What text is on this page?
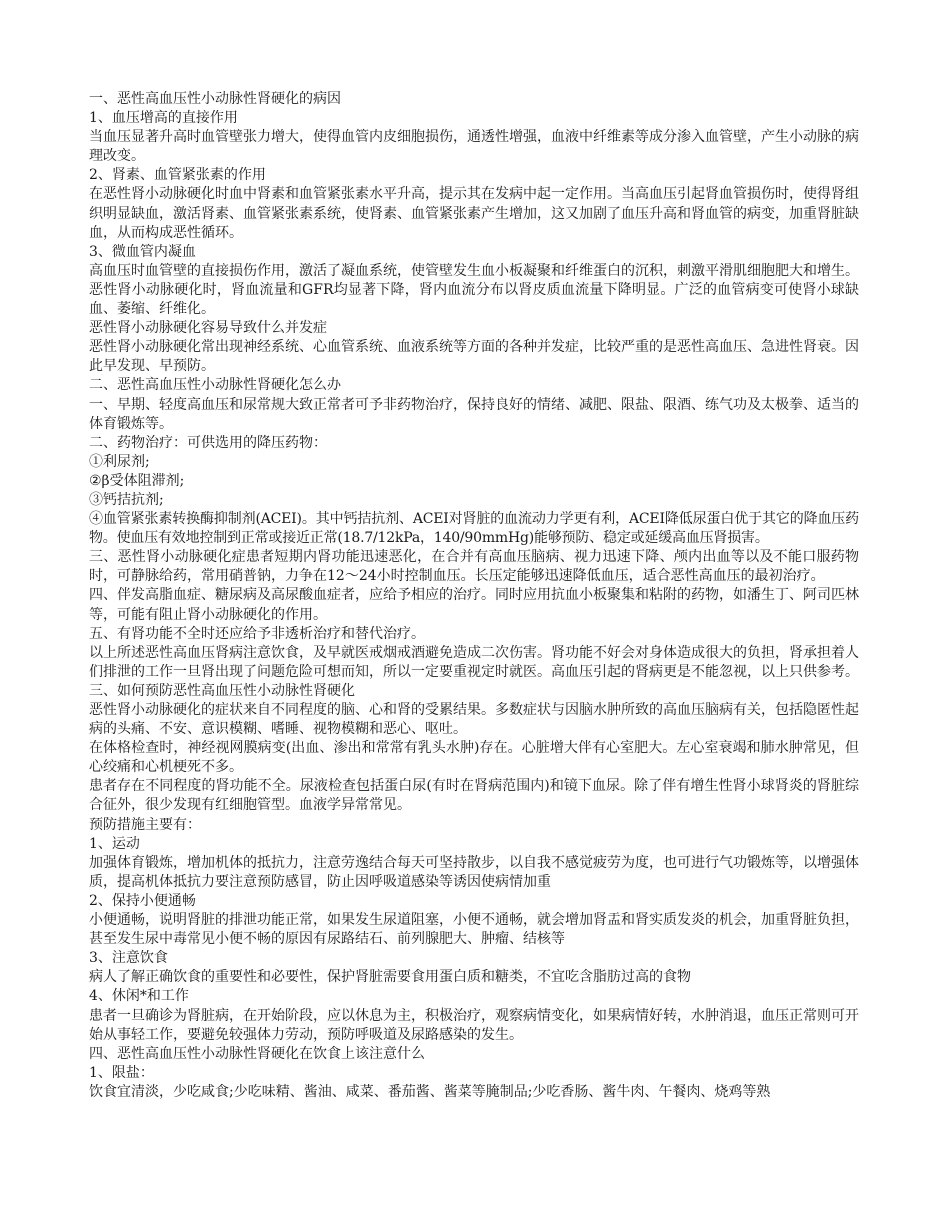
一、恶性高血压性小动脉性肾硬化的病因

1、血压增高的直接作用

当血压显著升高时血管壁张力增大，使得血管内皮细胞损伤，通透性增强，血液中纤维素等成分渗入血管壁，产生小动脉的病理改变。

2、肾素、血管紧张素的作用

在恶性肾小动脉硬化时血中肾素和血管紧张素水平升高，提示其在发病中起一定作用。当高血压引起肾血管损伤时，使得肾组织明显缺血，激活肾素、血管紧张素系统，使肾素、血管紧张素产生增加，这又加剧了血压升高和肾血管的病变，加重肾脏缺血，从而构成恶性循环。

3、微血管内凝血

高血压时血管壁的直接损伤作用，激活了凝血系统，使管壁发生血小板凝聚和纤维蛋白的沉积，刺激平滑肌细胞肥大和增生。恶性肾小动脉硬化时，肾血流量和GFR均显著下降，肾内血流分布以肾皮质血流量下降明显。广泛的血管病变可使肾小球缺血、萎缩、纤维化。

恶性肾小动脉硬化容易导致什么并发症

恶性肾小动脉硬化常出现神经系统、心血管系统、血液系统等方面的各种并发症，比较严重的是恶性高血压、急进性肾衰。因此早发现、早预防。

二、恶性高血压性小动脉性肾硬化怎么办

一、早期、轻度高血压和尿常规大致正常者可予非药物治疗，保持良好的情绪、减肥、限盐、限酒、练气功及太极拳、适当的体育锻炼等。

二、药物治疗：可供选用的降压药物：

①利尿剂;

②β受体阻滞剂;

③钙拮抗剂;

④血管紧张素转换酶抑制剂(ACEI)。其中钙拮抗剂、ACEI对肾脏的血流动力学更有利，ACEI降低尿蛋白优于其它的降血压药物。使血压有效地控制到正常或接近正常(18.7/12kPa，140/90mmHg)能够预防、稳定或延缓高血压肾损害。

三、恶性肾小动脉硬化症患者短期内肾功能迅速恶化，在合并有高血压脑病、视力迅速下降、颅内出血等以及不能口服药物时，可静脉给药，常用硝普钠，力争在12～24小时控制血压。长压定能够迅速降低血压，适合恶性高血压的最初治疗。

四、伴发高脂血症、糖尿病及高尿酸血症者，应给予相应的治疗。同时应用抗血小板聚集和粘附的药物，如潘生丁、阿司匹林等，可能有阻止肾小动脉硬化的作用。

五、有肾功能不全时还应给予非透析治疗和替代治疗。

以上所述恶性高血压肾病注意饮食，及早就医戒烟戒酒避免造成二次伤害。肾功能不好会对身体造成很大的负担，肾承担着人们排泄的工作一旦肾出现了问题危险可想而知，所以一定要重视定时就医。高血压引起的肾病更是不能忽视，以上只供参考。

三、如何预防恶性高血压性小动脉性肾硬化

恶性肾小动脉硬化的症状来自不同程度的脑、心和肾的受累结果。多数症状与因脑水肿所致的高血压脑病有关，包括隐匿性起病的头痛、不安、意识模糊、嗜睡、视物模糊和恶心、呕吐。

在体格检查时，神经视网膜病变(出血、渗出和常常有乳头水肿)存在。心脏增大伴有心室肥大。左心室衰竭和肺水肿常见，但心绞痛和心机梗死不多。

患者存在不同程度的肾功能不全。尿液检查包括蛋白尿(有时在肾病范围内)和镜下血尿。除了伴有增生性肾小球肾炎的肾脏综合征外，很少发现有红细胞管型。血液学异常常见。

预防措施主要有：

1、运动

加强体育锻炼，增加机体的抵抗力，注意劳逸结合每天可坚持散步，以自我不感觉疲劳为度，也可进行气功锻炼等，以增强体质，提高机体抵抗力要注意预防感冒，防止因呼吸道感染等诱因使病情加重

2、保持小便通畅

小便通畅，说明肾脏的排泄功能正常，如果发生尿道阻塞，小便不通畅，就会增加肾盂和肾实质发炎的机会，加重肾脏负担，甚至发生尿中毒常见小便不畅的原因有尿路结石、前列腺肥大、肿瘤、结核等

3、注意饮食

病人了解正确饮食的重要性和必要性，保护肾脏需要食用蛋白质和糖类，不宜吃含脂肪过高的食物

4、休闲*和工作

患者一旦确诊为肾脏病，在开始阶段，应以休息为主，积极治疗，观察病情变化，如果病情好转，水肿消退，血压正常则可开始从事轻工作，要避免较强体力劳动，预防呼吸道及尿路感染的发生。

四、恶性高血压性小动脉性肾硬化在饮食上该注意什么

1、限盐：

饮食宜清淡，少吃咸食;少吃味精、酱油、咸菜、番茄酱、酱菜等腌制品;少吃香肠、酱牛肉、午餐肉、烧鸡等熟
